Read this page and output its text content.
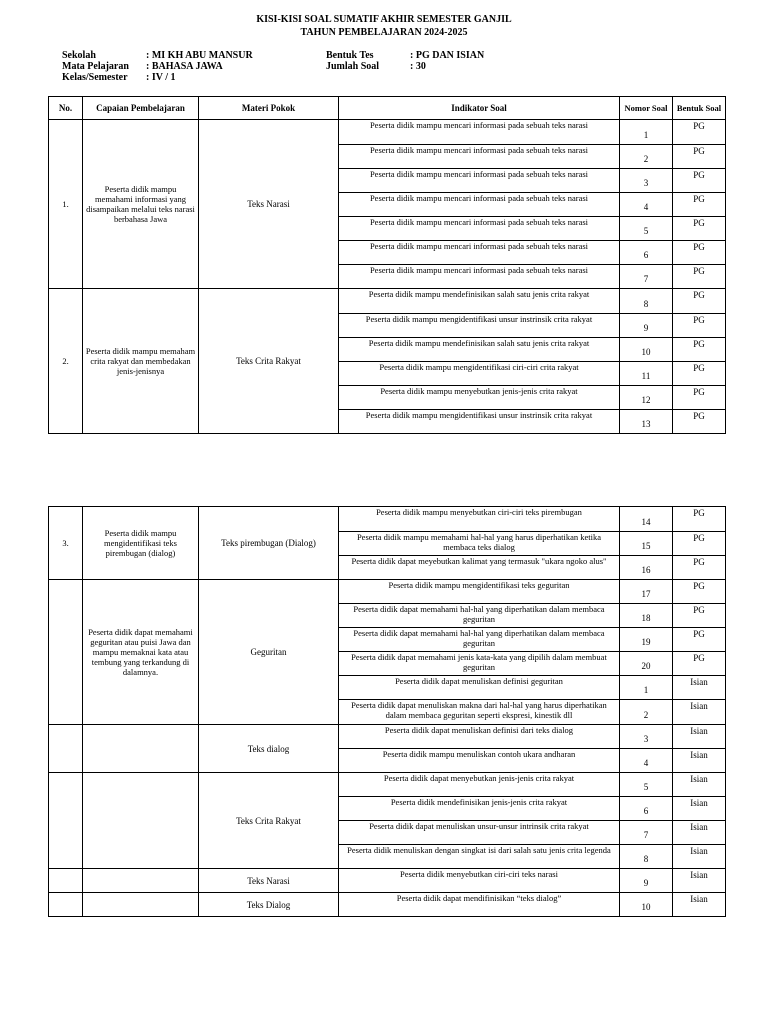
KISI-KISI SOAL SUMATIF AKHIR SEMESTER GANJIL
TAHUN PEMBELAJARAN 2024-2025
Sekolah	: MI KH ABU MANSUR
Mata Pelajaran : BAHASA JAWA
Kelas/Semester : IV / 1
Bentuk Tes	: PG DAN ISIAN
Jumlah Soal	: 30
No.	Capaian Pembelajaran	Materi Pokok	Indikator Soal	Nomor Soal	Bentuk Soal
1.	Peserta didik mampu memahami informasi yang disampaikan melalui teks narasi berbahasa Jawa	Teks Narasi	Peserta didik mampu mencari informasi pada sebuah teks narasi	1	PG
			Peserta didik mampu mencari informasi pada sebuah teks narasi	2	PG
			Peserta didik mampu mencari informasi pada sebuah teks narasi	3	PG
			Peserta didik mampu mencari informasi pada sebuah teks narasi	4	PG
			Peserta didik mampu mencari informasi pada sebuah teks narasi	5	PG
			Peserta didik mampu mencari informasi pada sebuah teks narasi	6	PG
			Peserta didik mampu mencari informasi pada sebuah teks narasi	7	PG
2.	Peserta didik mampu memaham crita rakyat dan membedakan jenis-jenisnya	Teks Crita Rakyat	Peserta didik mampu mendefinisikan salah satu jenis crita rakyat	8	PG
			Peserta didik mampu mengidentifikasi unsur instrinsik crita rakyat	9	PG
			Peserta didik mampu mendefinisikan salah satu jenis crita rakyat	10	PG
			Peserta didik mampu mengidentifikasi ciri-ciri crita rakyat	11	PG
			Peserta didik mampu menyebutkan jenis-jenis crita rakyat	12	PG
			Peserta didik mampu mengidentifikasi unsur instrinsik crita rakyat	13	PG
3.	Peserta didik mampu mengidentifikasi teks pirembugan (dialog)	Teks pirembugan (Dialog)	Peserta didik mampu menyebutkan ciri-ciri teks pirembugan	14	PG
			Peserta didik mampu memahami hal-hal yang harus diperhatikan ketika membaca teks dialog	15	PG
			Peserta didik dapat meyebutkan kalimat yang termasuk "ukara ngoko alus"	16	PG
	Peserta didik dapat memahami geguritan atau puisi Jawa dan mampu memaknai kata atau tembung yang terkandung di dalamnya.	Geguritan	Peserta didik mampu mengidentifikasi teks geguritan	17	PG
			Peserta didik dapat memahami hal-hal yang diperhatikan dalam membaca geguritan	18	PG
			Peserta didik dapat memahami hal-hal yang diperhatikan dalam membaca geguritan	19	PG
			Peserta didik dapat memahami jenis kata-kata yang dipilih dalam membuat geguritan	20	PG
			Peserta didik dapat menuliskan definisi geguritan	1	Isian
			Peserta didik dapat menuliskan makna dari hal-hal yang harus diperhatikan dalam membaca geguritan seperti ekspresi, kinestik dll	2	Isian
		Teks dialog	Peserta didik dapat menuliskan definisi dari teks dialog	3	Isian
			Peserta didik mampu menuliskan contoh ukara andharan	4	Isian
		Teks Crita Rakyat	Peserta didik dapat menyebutkan jenis-jenis crita rakyat	5	Isian
			Peserta didik mendefinisikan jenis-jenis crita rakyat	6	Isian
			Peserta didik dapat menuliskan unsur-unsur intrinsik crita rakyat	7	Isian
			Peserta didik menuliskan dengan singkat isi dari salah satu jenis crita legenda	8	Isian
		Teks Narasi	Peserta didik menyebutkan ciri-ciri teks narasi	9	Isian
		Teks Dialog	Peserta didik dapat mendifinisikan “teks dialog”	10	Isian
